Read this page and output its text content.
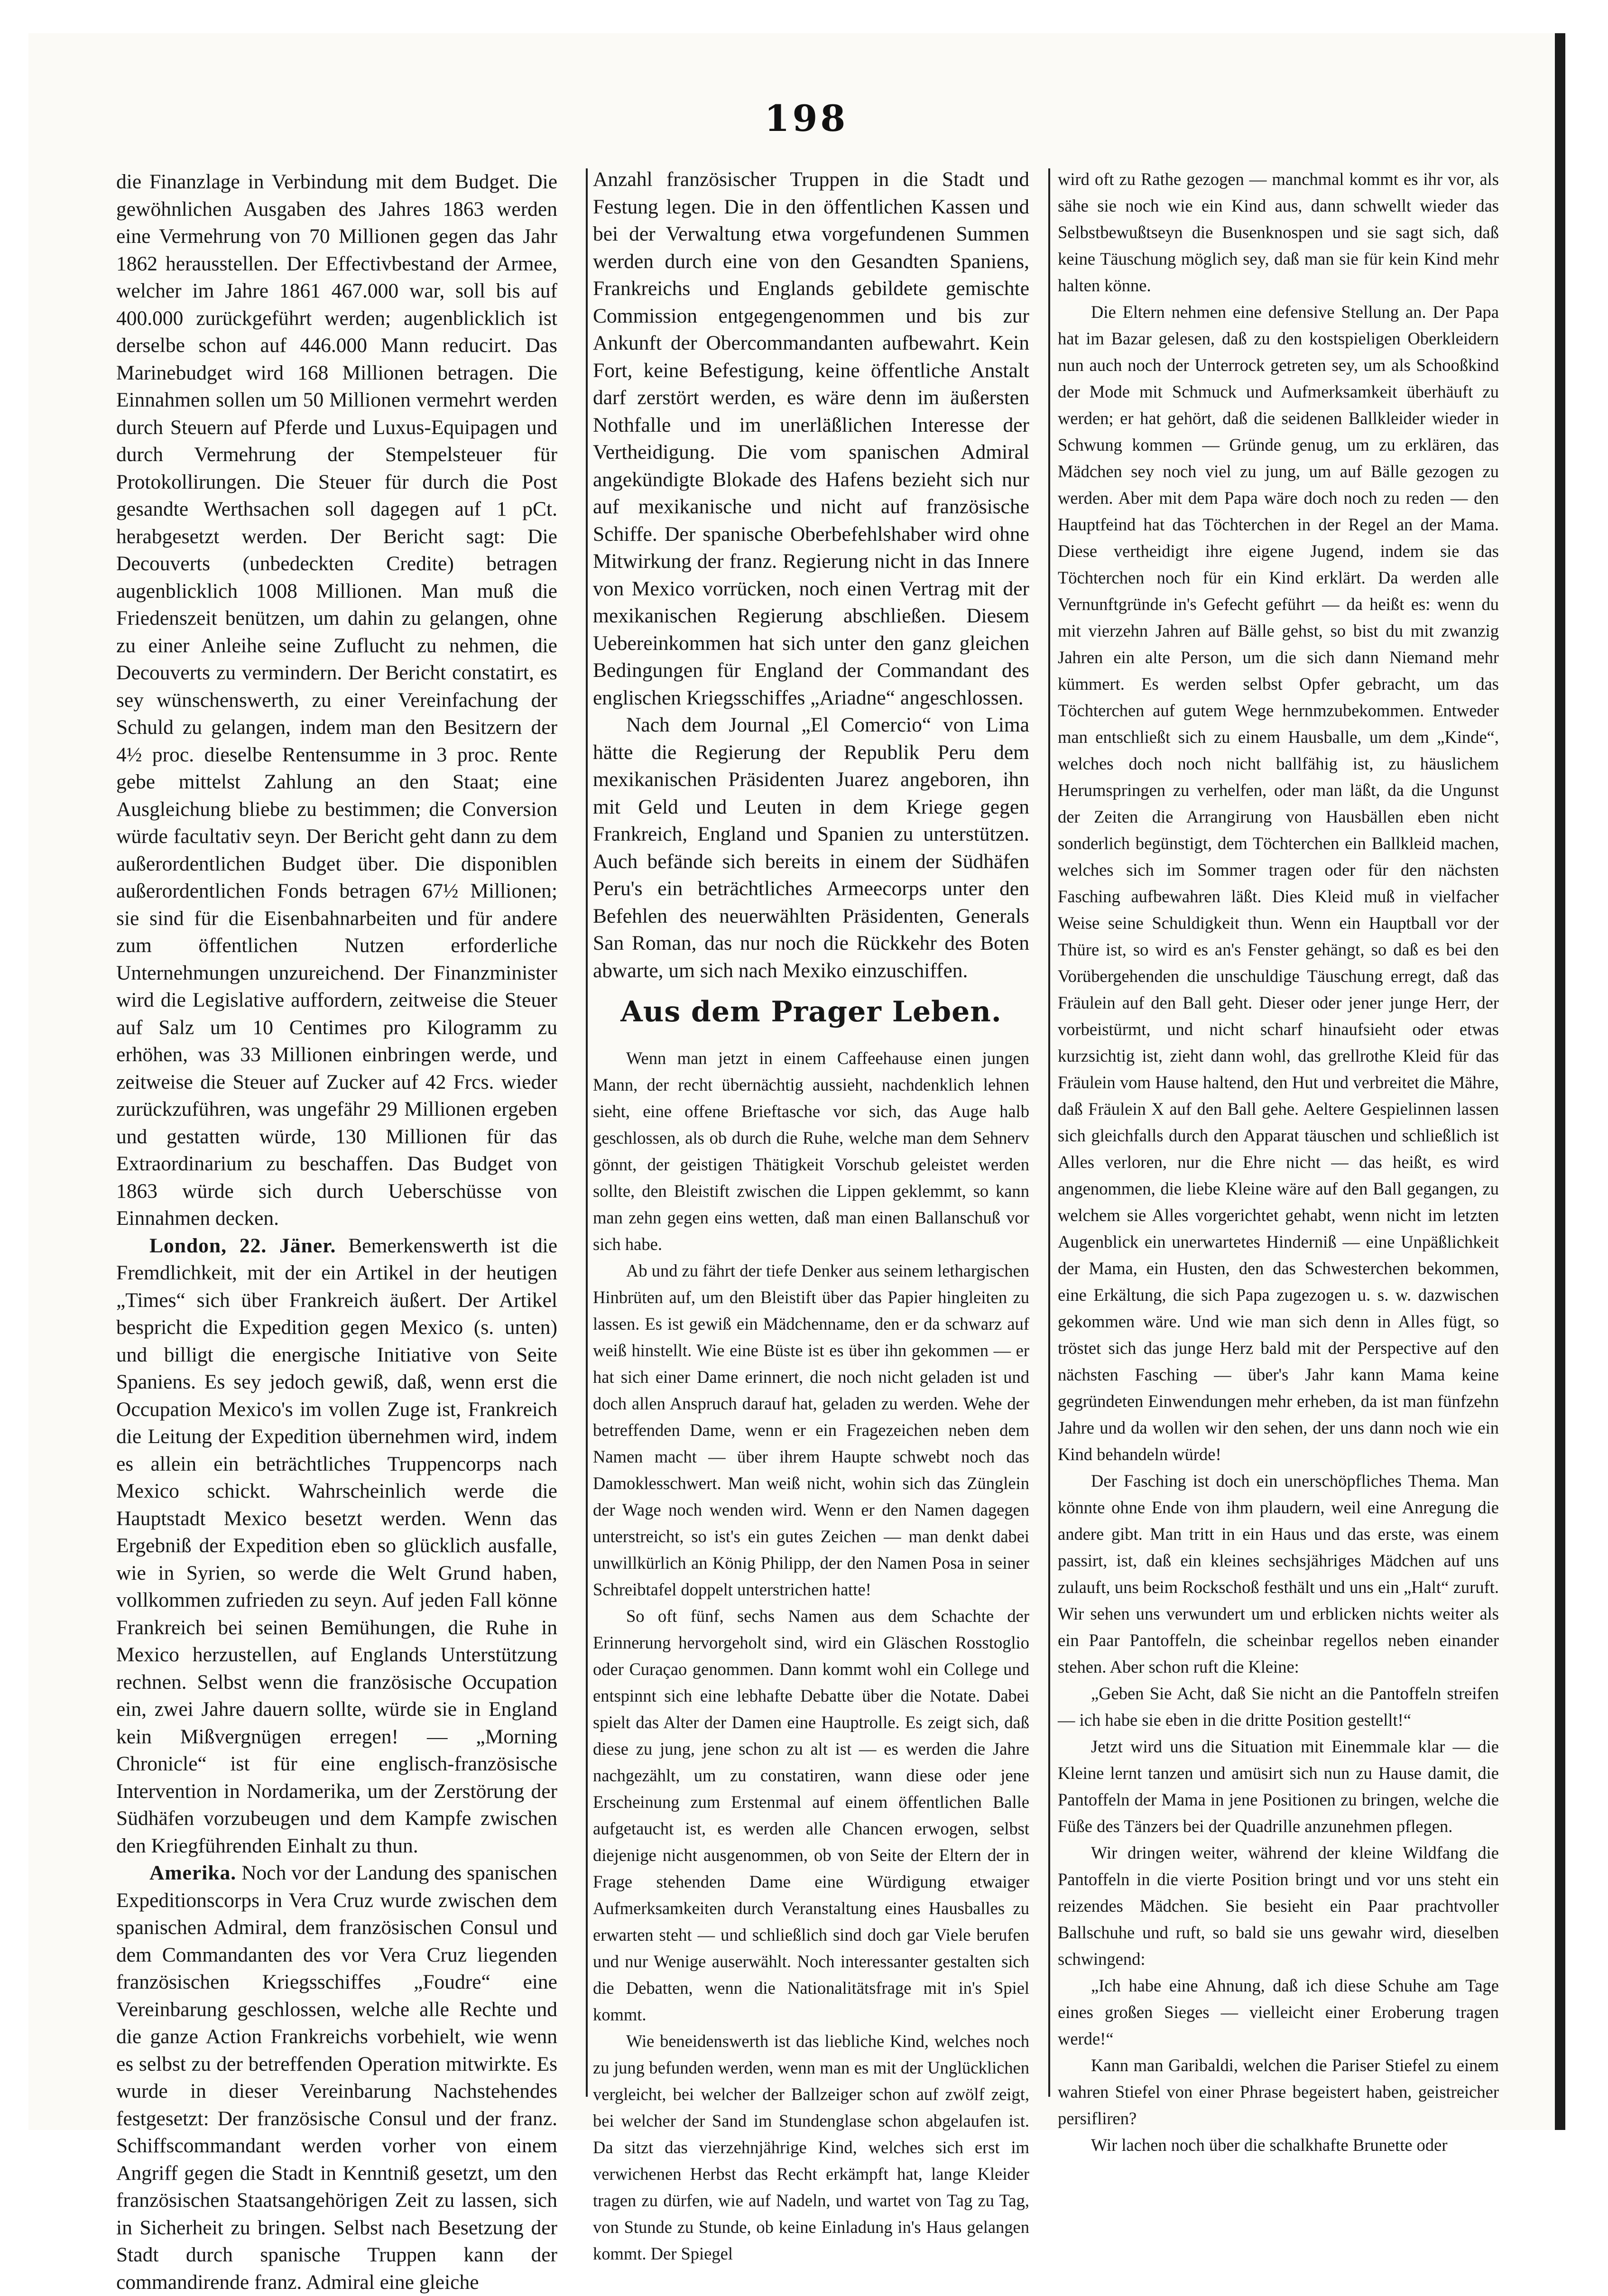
198

die Finanzlage in Verbindung mit dem Budget. Die gewöhnlichen Ausgaben des Jahres 1863 werden eine Vermehrung von 70 Millionen gegen das Jahr 1862 herausstellen. Der Effectivbestand der Armee, welcher im Jahre 1861 467.000 war, soll bis auf 400.000 zurückgeführt werden; augenblicklich ist derselbe schon auf 446.000 Mann reducirt. Das Marinebudget wird 168 Millionen betragen. Die Einnahmen sollen um 50 Millionen vermehrt werden durch Steuern auf Pferde und Luxus-Equipagen und durch Vermehrung der Stempelsteuer für Protokollirungen. Die Steuer für durch die Post gesandte Werthsachen soll dagegen auf 1 pCt. herabgesetzt werden. Der Bericht sagt: Die Decouverts (unbedeckten Credite) betragen augenblicklich 1008 Millionen. Man muß die Friedenszeit benützen, um dahin zu gelangen, ohne zu einer Anleihe seine Zuflucht zu nehmen, die Decouverts zu vermindern. Der Bericht constatirt, es sey wünschenswerth, zu einer Vereinfachung der Schuld zu gelangen, indem man den Besitzern der 4½ proc. dieselbe Rentensumme in 3 proc. Rente gebe mittelst Zahlung an den Staat; eine Ausgleichung bliebe zu bestimmen; die Conversion würde facultativ seyn. Der Bericht geht dann zu dem außerordentlichen Budget über. Die disponiblen außerordentlichen Fonds betragen 67½ Millionen; sie sind für die Eisenbahnarbeiten und für andere zum öffentlichen Nutzen erforderliche Unternehmungen unzureichend. Der Finanzminister wird die Legislative auffordern, zeitweise die Steuer auf Salz um 10 Centimes pro Kilogramm zu erhöhen, was 33 Millionen einbringen werde, und zeitweise die Steuer auf Zucker auf 42 Frcs. wieder zurückzuführen, was ungefähr 29 Millionen ergeben und gestatten würde, 130 Millionen für das Extraordinarium zu beschaffen. Das Budget von 1863 würde sich durch Ueberschüsse von Einnahmen decken.

London, 22. Jäner. Bemerkenswerth ist die Fremdlichkeit, mit der ein Artikel in der heutigen „Times“ sich über Frankreich äußert. Der Artikel bespricht die Expedition gegen Mexico (s. unten) und billigt die energische Initiative von Seite Spaniens. Es sey jedoch gewiß, daß, wenn erst die Occupation Mexico's im vollen Zuge ist, Frankreich die Leitung der Expedition übernehmen wird, indem es allein ein beträchtliches Truppencorps nach Mexico schickt. Wahrscheinlich werde die Hauptstadt Mexico besetzt werden. Wenn das Ergebniß der Expedition eben so glücklich ausfalle, wie in Syrien, so werde die Welt Grund haben, vollkommen zufrieden zu seyn. Auf jeden Fall könne Frankreich bei seinen Bemühungen, die Ruhe in Mexico herzustellen, auf Englands Unterstützung rechnen. Selbst wenn die französische Occupation ein, zwei Jahre dauern sollte, würde sie in England kein Mißvergnügen erregen! — „Morning Chronicle“ ist für eine englisch-französische Intervention in Nordamerika, um der Zerstörung der Südhäfen vorzubeugen und dem Kampfe zwischen den Kriegführenden Einhalt zu thun.

Amerika. Noch vor der Landung des spanischen Expeditionscorps in Vera Cruz wurde zwischen dem spanischen Admiral, dem französischen Consul und dem Commandanten des vor Vera Cruz liegenden französischen Kriegsschiffes „Foudre“ eine Vereinbarung geschlossen, welche alle Rechte und die ganze Action Frankreichs vorbehielt, wie wenn es selbst zu der betreffenden Operation mitwirkte. Es wurde in dieser Vereinbarung Nachstehendes festgesetzt: Der französische Consul und der franz. Schiffscommandant werden vorher von einem Angriff gegen die Stadt in Kenntniß gesetzt, um den französischen Staatsangehörigen Zeit zu lassen, sich in Sicherheit zu bringen. Selbst nach Besetzung der Stadt durch spanische Truppen kann der commandirende franz. Admiral eine gleiche

Anzahl französischer Truppen in die Stadt und Festung legen. Die in den öffentlichen Kassen und bei der Verwaltung etwa vorgefundenen Summen werden durch eine von den Gesandten Spaniens, Frankreichs und Englands gebildete gemischte Commission entgegengenommen und bis zur Ankunft der Obercommandanten aufbewahrt. Kein Fort, keine Befestigung, keine öffentliche Anstalt darf zerstört werden, es wäre denn im äußersten Nothfalle und im unerläßlichen Interesse der Vertheidigung. Die vom spanischen Admiral angekündigte Blokade des Hafens bezieht sich nur auf mexikanische und nicht auf französische Schiffe. Der spanische Oberbefehlshaber wird ohne Mitwirkung der franz. Regierung nicht in das Innere von Mexico vorrücken, noch einen Vertrag mit der mexikanischen Regierung abschließen. Diesem Uebereinkommen hat sich unter den ganz gleichen Bedingungen für England der Commandant des englischen Kriegsschiffes „Ariadne“ angeschlossen.

Nach dem Journal „El Comercio“ von Lima hätte die Regierung der Republik Peru dem mexikanischen Präsidenten Juarez angeboren, ihn mit Geld und Leuten in dem Kriege gegen Frankreich, England und Spanien zu unterstützen. Auch befände sich bereits in einem der Südhäfen Peru's ein beträchtliches Armeecorps unter den Befehlen des neuerwählten Präsidenten, Generals San Roman, das nur noch die Rückkehr des Boten abwarte, um sich nach Mexiko einzuschiffen.

Aus dem Prager Leben.

Wenn man jetzt in einem Caffeehause einen jungen Mann, der recht übernächtig aussieht, nachdenklich lehnen sieht, eine offene Brieftasche vor sich, das Auge halb geschlossen, als ob durch die Ruhe, welche man dem Sehnerv gönnt, der geistigen Thätigkeit Vorschub geleistet werden sollte, den Bleistift zwischen die Lippen geklemmt, so kann man zehn gegen eins wetten, daß man einen Ballanschuß vor sich habe.

Ab und zu fährt der tiefe Denker aus seinem lethargischen Hinbrüten auf, um den Bleistift über das Papier hingleiten zu lassen. Es ist gewiß ein Mädchenname, den er da schwarz auf weiß hinstellt. Wie eine Büste ist es über ihn gekommen — er hat sich einer Dame erinnert, die noch nicht geladen ist und doch allen Anspruch darauf hat, geladen zu werden. Wehe der betreffenden Dame, wenn er ein Fragezeichen neben dem Namen macht — über ihrem Haupte schwebt noch das Damoklesschwert. Man weiß nicht, wohin sich das Zünglein der Wage noch wenden wird. Wenn er den Namen dagegen unterstreicht, so ist's ein gutes Zeichen — man denkt dabei unwillkürlich an König Philipp, der den Namen Posa in seiner Schreibtafel doppelt unterstrichen hatte!

So oft fünf, sechs Namen aus dem Schachte der Erinnerung hervorgeholt sind, wird ein Gläschen Rosstoglio oder Curaçao genommen. Dann kommt wohl ein College und entspinnt sich eine lebhafte Debatte über die Notate. Dabei spielt das Alter der Damen eine Hauptrolle. Es zeigt sich, daß diese zu jung, jene schon zu alt ist — es werden die Jahre nachgezählt, um zu constatiren, wann diese oder jene Erscheinung zum Erstenmal auf einem öffentlichen Balle aufgetaucht ist, es werden alle Chancen erwogen, selbst diejenige nicht ausgenommen, ob von Seite der Eltern der in Frage stehenden Dame eine Würdigung etwaiger Aufmerksamkeiten durch Veranstaltung eines Hausballes zu erwarten steht — und schließlich sind doch gar Viele berufen und nur Wenige auserwählt. Noch interessanter gestalten sich die Debatten, wenn die Nationalitätsfrage mit in's Spiel kommt.

Wie beneidenswerth ist das liebliche Kind, welches noch zu jung befunden werden, wenn man es mit der Unglücklichen vergleicht, bei welcher der Ballzeiger schon auf zwölf zeigt, bei welcher der Sand im Stundenglase schon abgelaufen ist. Da sitzt das vierzehnjährige Kind, welches sich erst im verwichenen Herbst das Recht erkämpft hat, lange Kleider tragen zu dürfen, wie auf Nadeln, und wartet von Tag zu Tag, von Stunde zu Stunde, ob keine Einladung in's Haus gelangen kommt. Der Spiegel

wird oft zu Rathe gezogen — manchmal kommt es ihr vor, als sähe sie noch wie ein Kind aus, dann schwellt wieder das Selbstbewußtseyn die Busenknospen und sie sagt sich, daß keine Täuschung möglich sey, daß man sie für kein Kind mehr halten könne.

Die Eltern nehmen eine defensive Stellung an. Der Papa hat im Bazar gelesen, daß zu den kostspieligen Oberkleidern nun auch noch der Unterrock getreten sey, um als Schooßkind der Mode mit Schmuck und Aufmerksamkeit überhäuft zu werden; er hat gehört, daß die seidenen Ballkleider wieder in Schwung kommen — Gründe genug, um zu erklären, das Mädchen sey noch viel zu jung, um auf Bälle gezogen zu werden. Aber mit dem Papa wäre doch noch zu reden — den Hauptfeind hat das Töchterchen in der Regel an der Mama. Diese vertheidigt ihre eigene Jugend, indem sie das Töchterchen noch für ein Kind erklärt. Da werden alle Vernunftgründe in's Gefecht geführt — da heißt es: wenn du mit vierzehn Jahren auf Bälle gehst, so bist du mit zwanzig Jahren ein alte Person, um die sich dann Niemand mehr kümmert. Es werden selbst Opfer gebracht, um das Töchterchen auf gutem Wege hernmzubekommen. Entweder man entschließt sich zu einem Hausballe, um dem „Kinde“, welches doch noch nicht ballfähig ist, zu häuslichem Herumspringen zu verhelfen, oder man läßt, da die Ungunst der Zeiten die Arrangirung von Hausbällen eben nicht sonderlich begünstigt, dem Töchterchen ein Ballkleid machen, welches sich im Sommer tragen oder für den nächsten Fasching aufbewahren läßt. Dies Kleid muß in vielfacher Weise seine Schuldigkeit thun. Wenn ein Hauptball vor der Thüre ist, so wird es an's Fenster gehängt, so daß es bei den Vorübergehenden die unschuldige Täuschung erregt, daß das Fräulein auf den Ball geht. Dieser oder jener junge Herr, der vorbeistürmt, und nicht scharf hinaufsieht oder etwas kurzsichtig ist, zieht dann wohl, das grellrothe Kleid für das Fräulein vom Hause haltend, den Hut und verbreitet die Mähre, daß Fräulein X auf den Ball gehe. Aeltere Gespielinnen lassen sich gleichfalls durch den Apparat täuschen und schließlich ist Alles verloren, nur die Ehre nicht — das heißt, es wird angenommen, die liebe Kleine wäre auf den Ball gegangen, zu welchem sie Alles vorgerichtet gehabt, wenn nicht im letzten Augenblick ein unerwartetes Hinderniß — eine Unpäßlichkeit der Mama, ein Husten, den das Schwesterchen bekommen, eine Erkältung, die sich Papa zugezogen u. s. w. dazwischen gekommen wäre. Und wie man sich denn in Alles fügt, so tröstet sich das junge Herz bald mit der Perspective auf den nächsten Fasching — über's Jahr kann Mama keine gegründeten Einwendungen mehr erheben, da ist man fünfzehn Jahre und da wollen wir den sehen, der uns dann noch wie ein Kind behandeln würde!

Der Fasching ist doch ein unerschöpfliches Thema. Man könnte ohne Ende von ihm plaudern, weil eine Anregung die andere gibt. Man tritt in ein Haus und das erste, was einem passirt, ist, daß ein kleines sechsjähriges Mädchen auf uns zulauft, uns beim Rockschoß festhält und uns ein „Halt“ zuruft. Wir sehen uns verwundert um und erblicken nichts weiter als ein Paar Pantoffeln, die scheinbar regellos neben einander stehen. Aber schon ruft die Kleine:

„Geben Sie Acht, daß Sie nicht an die Pantoffeln streifen — ich habe sie eben in die dritte Position gestellt!“

Jetzt wird uns die Situation mit Einemmale klar — die Kleine lernt tanzen und amüsirt sich nun zu Hause damit, die Pantoffeln der Mama in jene Positionen zu bringen, welche die Füße des Tänzers bei der Quadrille anzunehmen pflegen.

Wir dringen weiter, während der kleine Wildfang die Pantoffeln in die vierte Position bringt und vor uns steht ein reizendes Mädchen. Sie besieht ein Paar prachtvoller Ballschuhe und ruft, so bald sie uns gewahr wird, dieselben schwingend:

„Ich habe eine Ahnung, daß ich diese Schuhe am Tage eines großen Sieges — vielleicht einer Eroberung tragen werde!“

Kann man Garibaldi, welchen die Pariser Stiefel zu einem wahren Stiefel von einer Phrase begeistert haben, geistreicher persifliren?

Wir lachen noch über die schalkhafte Brunette oder
